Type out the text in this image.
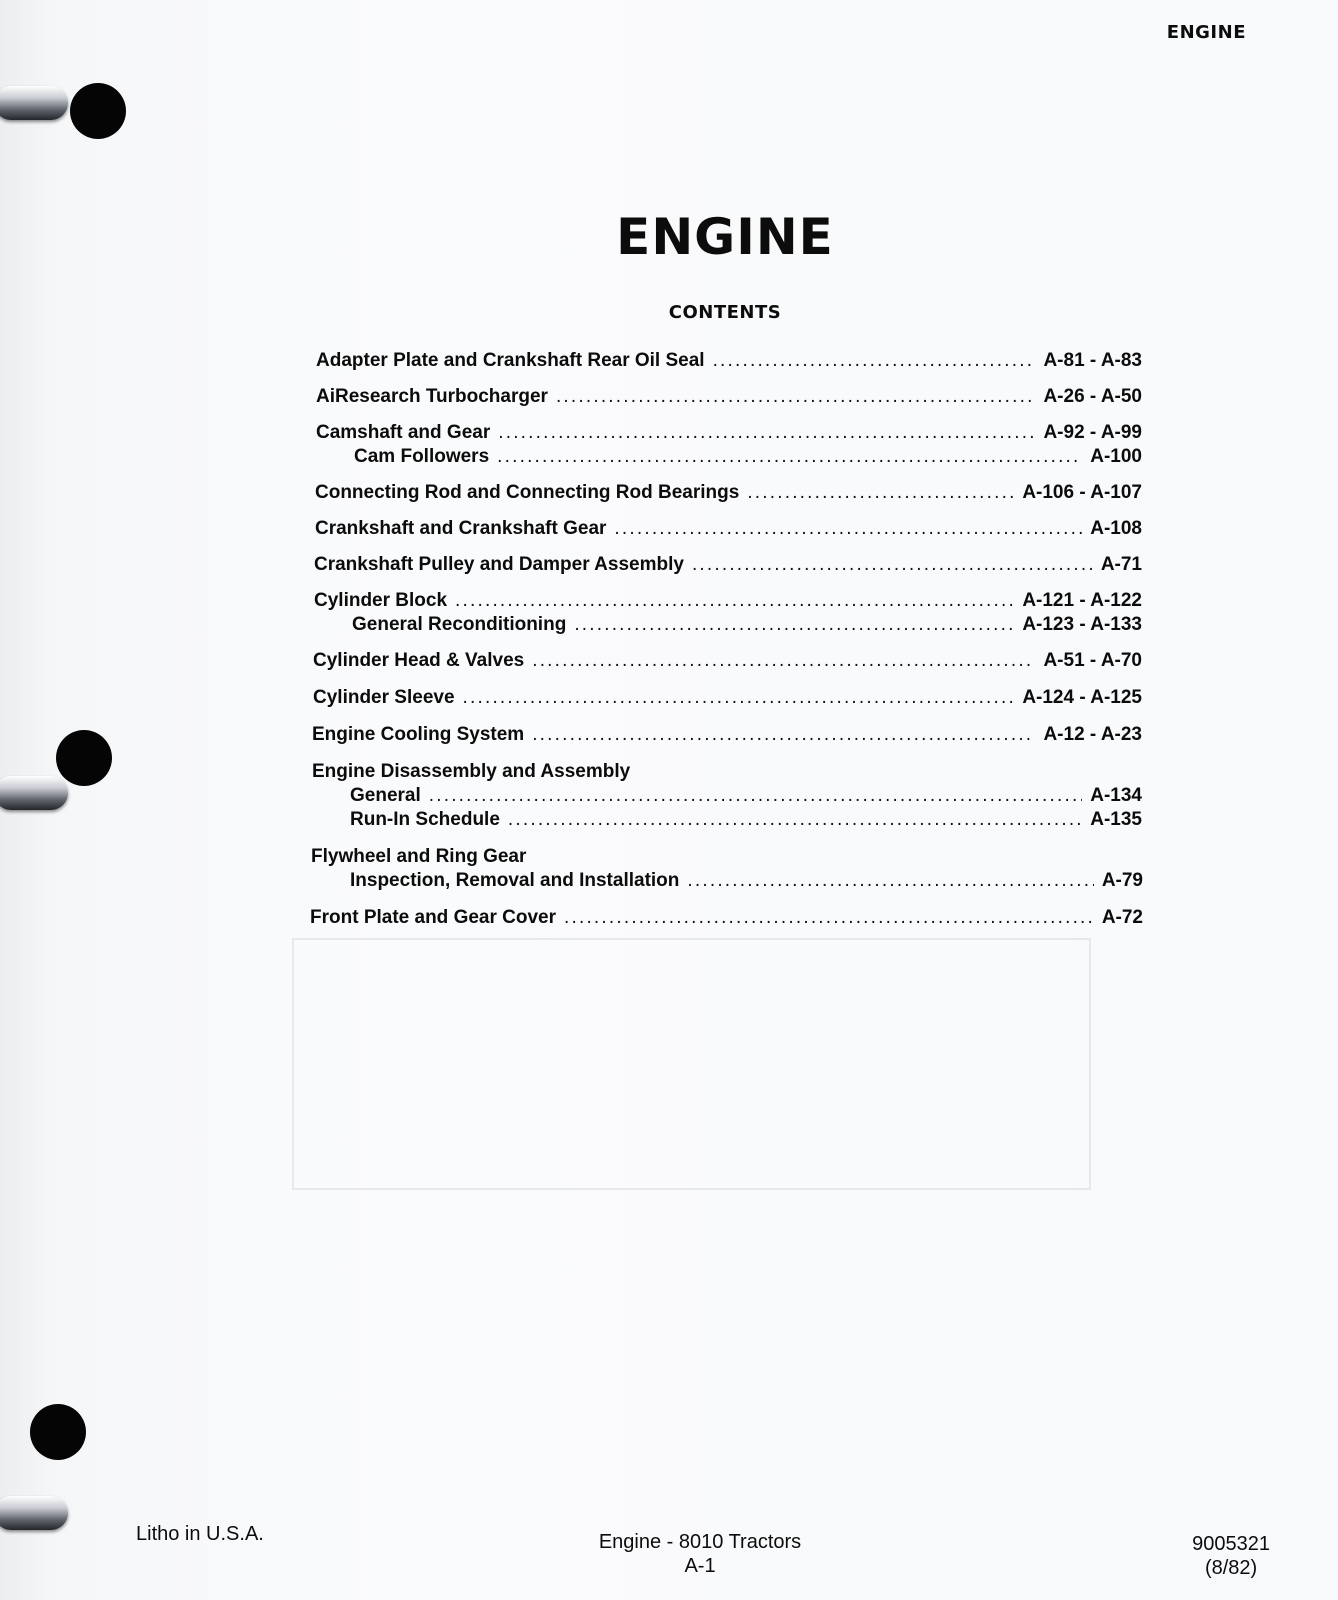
ENGINE
ENGINE
CONTENTS
Adapter Plate and Crankshaft Rear Oil Seal .....	A-81 - A-83
AiResearch Turbocharger .....	A-26 - A-50
Camshaft and Gear .....	A-92 - A-99
Cam Followers .....	A-100
Connecting Rod and Connecting Rod Bearings .....	A-106 - A-107
Crankshaft and Crankshaft Gear .....	A-108
Crankshaft Pulley and Damper Assembly .....	A-71
Cylinder Block .....	A-121 - A-122
General Reconditioning .....	A-123 - A-133
Cylinder Head & Valves .....	A-51 - A-70
Cylinder Sleeve .....	A-124 - A-125
Engine Cooling System .....	A-12 - A-23
Engine Disassembly and Assembly
General .....	A-134
Run-In Schedule .....	A-135
Flywheel and Ring Gear
Inspection, Removal and Installation .....	A-79
Front Plate and Gear Cover .....	A-72
Litho in U.S.A.	Engine - 8010 Tractors
A-1
9005321
(8/82)
